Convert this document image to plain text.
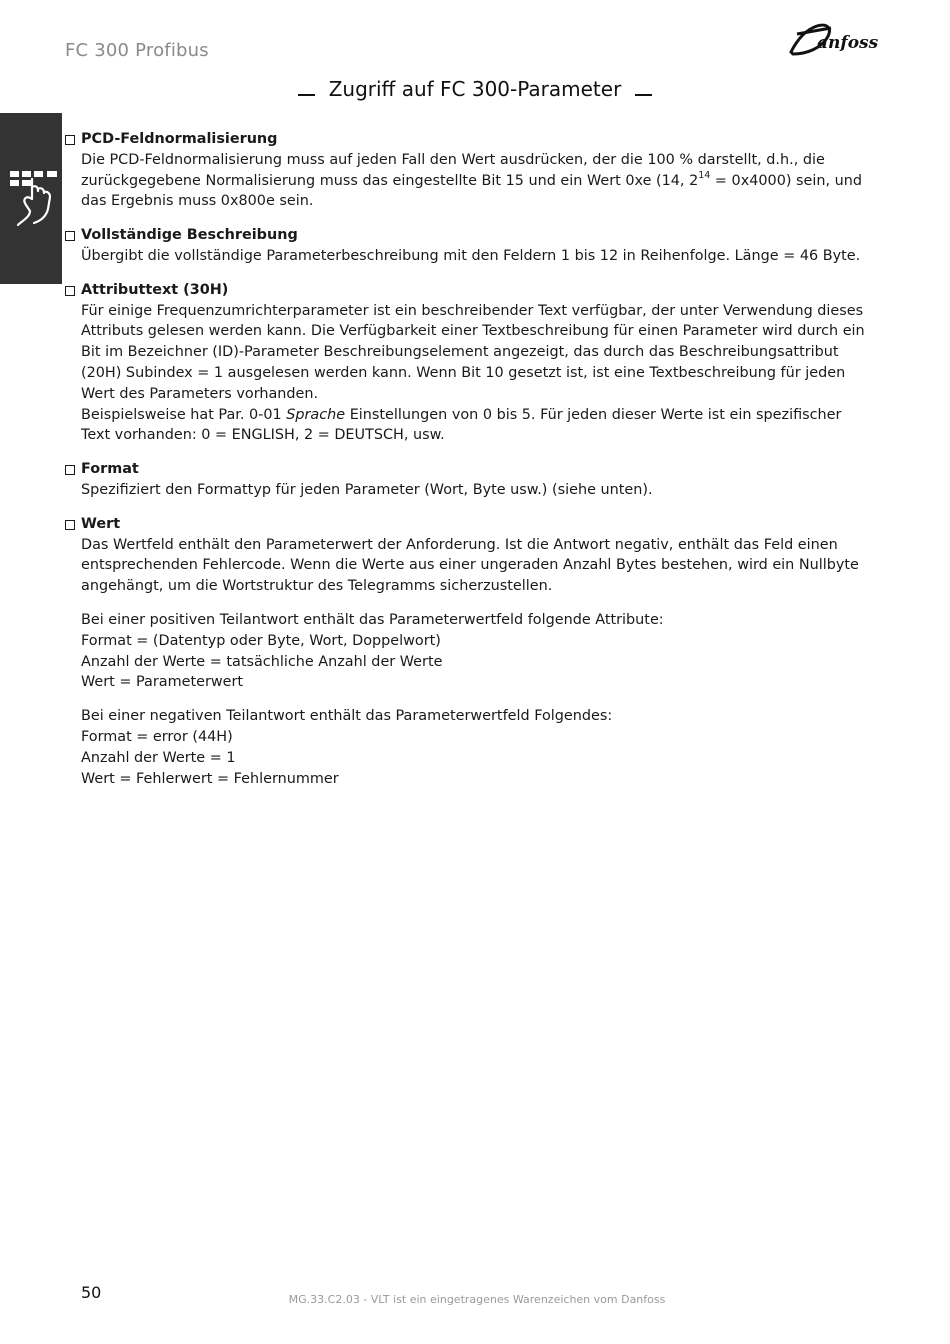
FC 300 Profibus	anfoss
Zugriff auf FC 300-Parameter
PCD-Feldnormalisierung
Die PCD-Feldnormalisierung muss auf jeden Fall den Wert ausdrücken, der die 100 % darstellt, d.h., die zurückgegebene Normalisierung muss das eingestellte Bit 15 und ein Wert 0xe (14, $2^{14} = 0x4000$) sein, und das Ergebnis muss 0x800e sein.
Vollständige Beschreibung
Übergibt die vollständige Parameterbeschreibung mit den Feldern 1 bis 12 in Reihenfolge. Länge = 46 Byte.
Attributtext (30H)
Für einige Frequenzumrichterparameter ist ein beschreibender Text verfügbar, der unter Verwendung dieses Attributs gelesen werden kann. Die Verfügbarkeit einer Textbeschreibung für einen Parameter wird durch ein Bit im Bezeichner (ID)-Parameter Beschreibungselement angezeigt, das durch das Beschreibungsattribut (20H) Subindex = 1 ausgelesen werden kann. Wenn Bit 10 gesetzt ist, ist eine Textbeschreibung für jeden Wert des Parameters vorhanden.
Beispielsweise hat Par. 0-01 Sprache Einstellungen von 0 bis 5. Für jeden dieser Werte ist ein spezifischer Text vorhanden: 0 = ENGLISH, 2 = DEUTSCH, usw.
Format
Spezifiziert den Formattyp für jeden Parameter (Wort, Byte usw.) (siehe unten).
Wert
Das Wertfeld enthält den Parameterwert der Anforderung. Ist die Antwort negativ, enthält das Feld einen entsprechenden Fehlercode. Wenn die Werte aus einer ungeraden Anzahl Bytes bestehen, wird ein Nullbyte angehängt, um die Wortstruktur des Telegramms sicherzustellen.
Bei einer positiven Teilantwort enthält das Parameterwertfeld folgende Attribute:
Format = (Datentyp oder Byte, Wort, Doppelwort)
Anzahl der Werte = tatsächliche Anzahl der Werte
Wert = Parameterwert
Bei einer negativen Teilantwort enthält das Parameterwertfeld Folgendes:
Format = error (44H)
Anzahl der Werte = 1
Wert = Fehlerwert = Fehlernummer
50	MG.33.C2.03 - VLT ist ein eingetragenes Warenzeichen vom Danfoss
